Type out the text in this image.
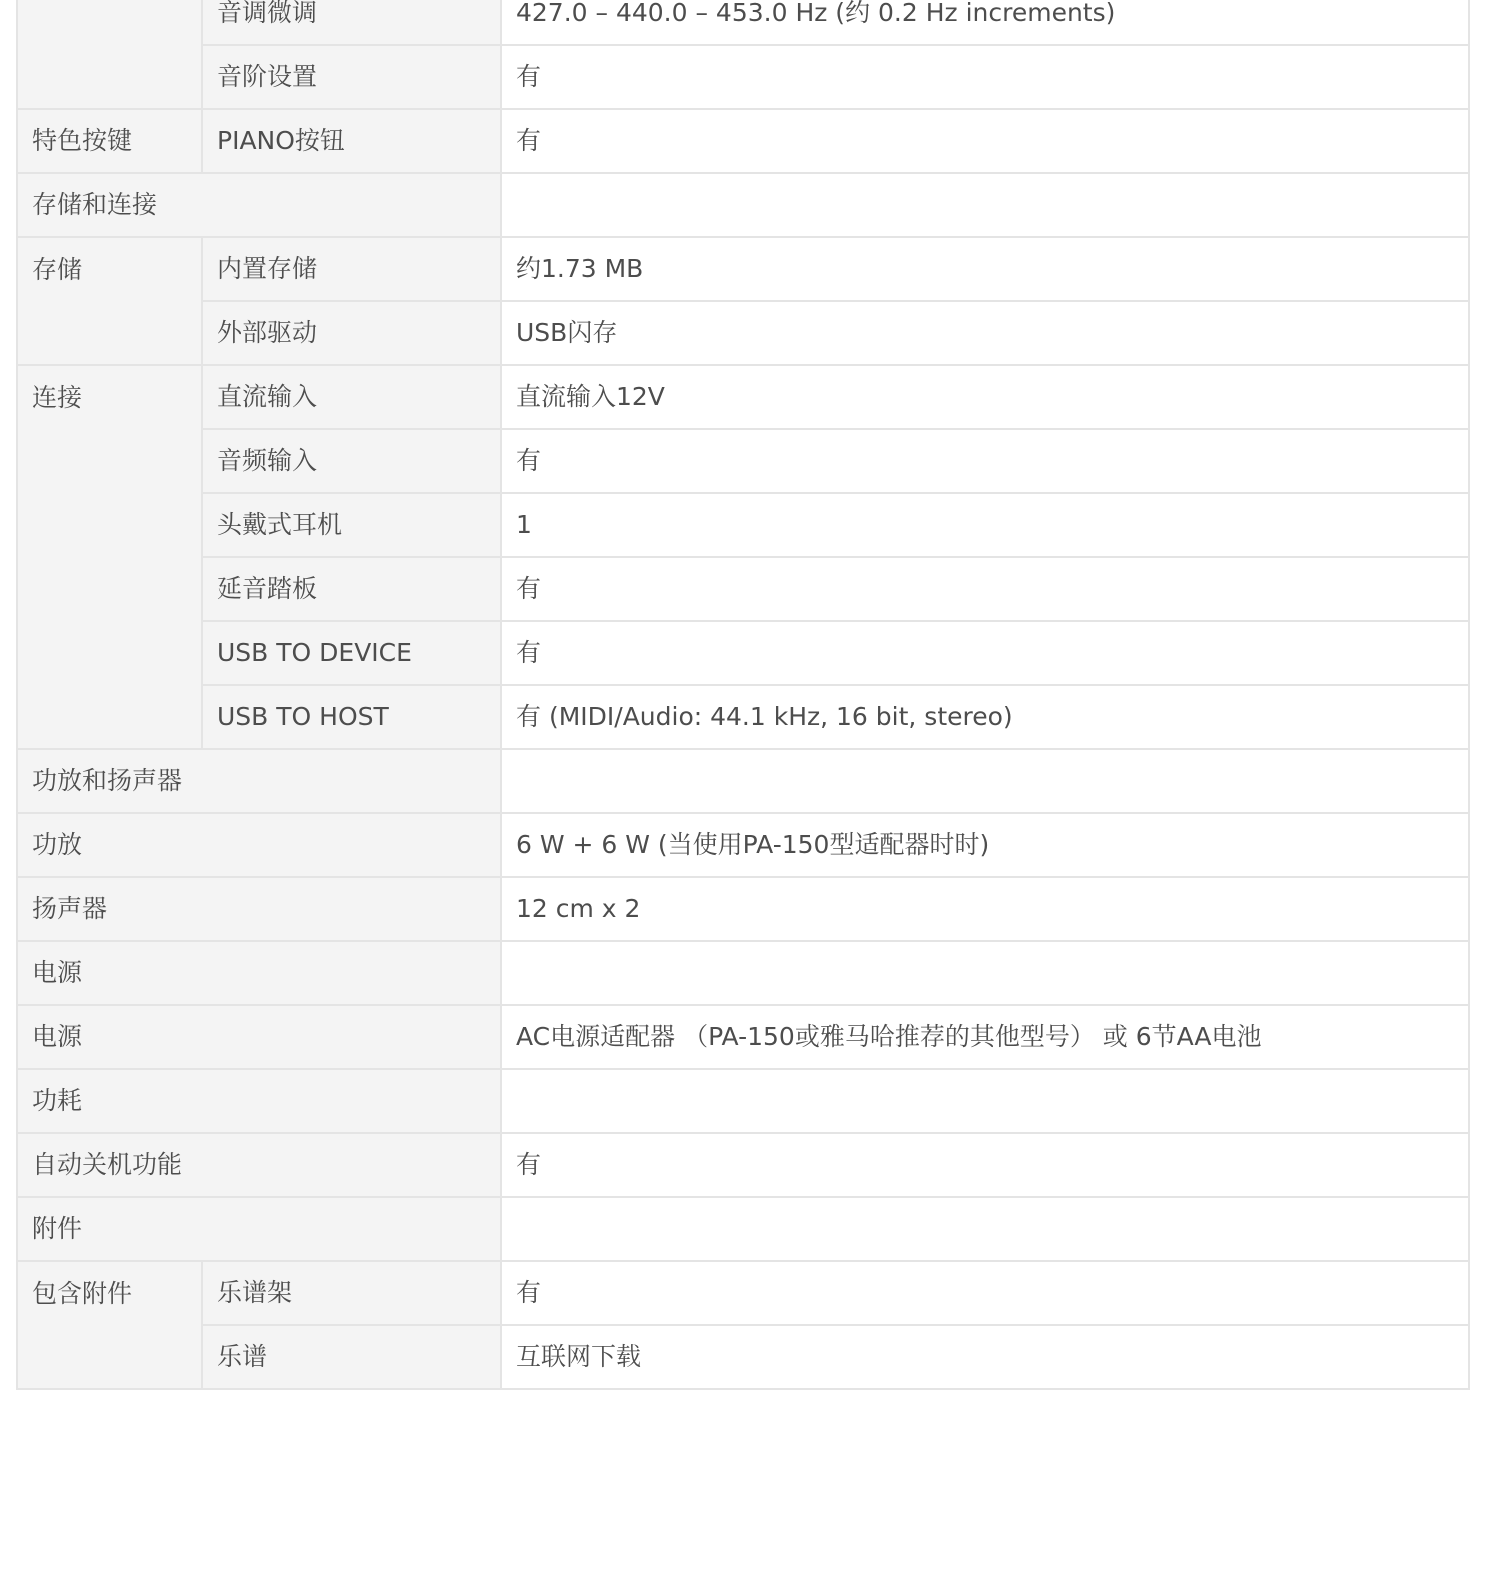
	音调微调	427.0 – 440.0 – 453.0 Hz (约 0.2 Hz increments)
	音阶设置	有
特色按键	PIANO按钮	有
存储和连接		
存储	内置存储	约1.73 MB
	外部驱动	USB闪存
连接	直流输入	直流输入12V
	音频输入	有
	头戴式耳机	1
	延音踏板	有
	USB TO DEVICE	有
	USB TO HOST	有 (MIDI/Audio: 44.1 kHz, 16 bit, stereo)
功放和扬声器		
功放		6 W + 6 W (当使用PA-150型适配器时时)
扬声器		12 cm x 2
电源		
电源		AC电源适配器 （PA-150或雅马哈推荐的其他型号） 或 6节AA电池
功耗		
自动关机功能		有
附件		
包含附件	乐谱架	有
	乐谱	互联网下载
